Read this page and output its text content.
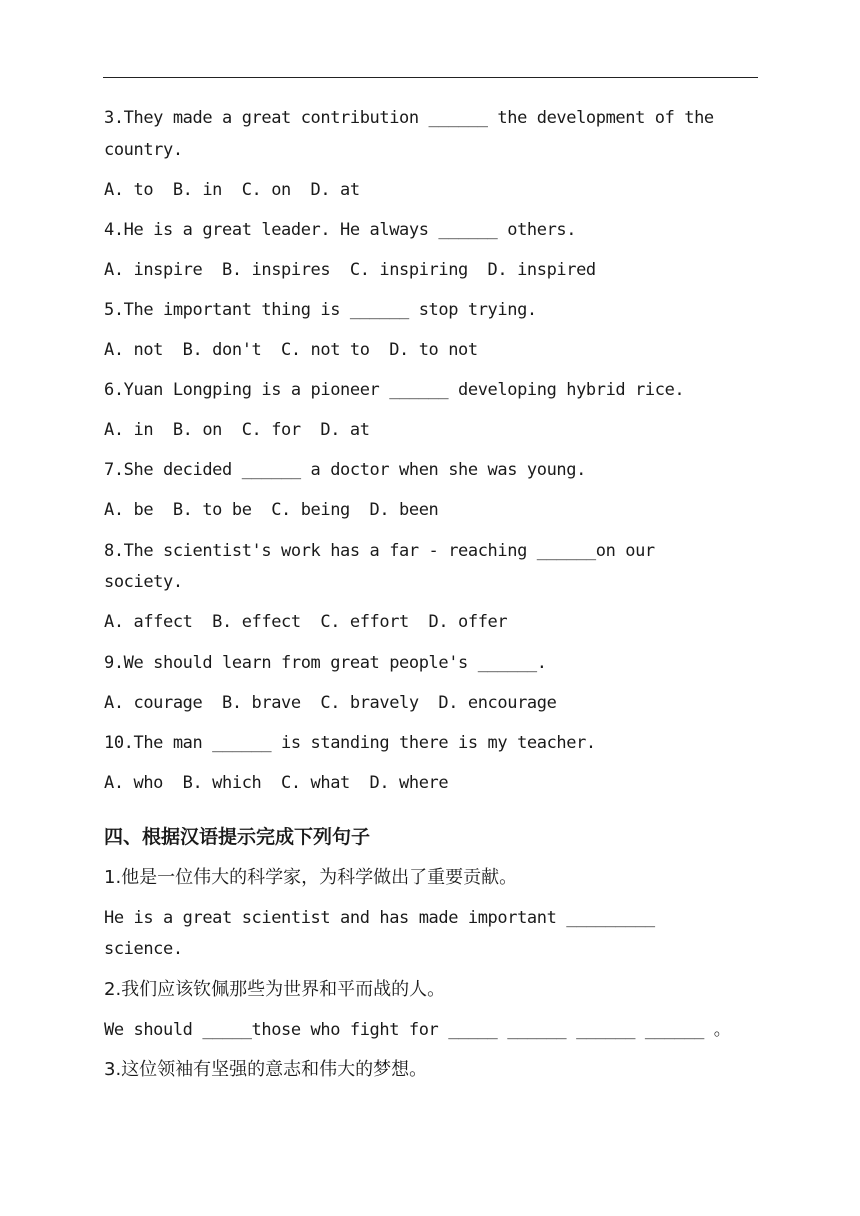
3.They made a great contribution ______ the development of the
country.
A. to  B. in  C. on  D. at
4.He is a great leader. He always ______ others.
A. inspire  B. inspires  C. inspiring  D. inspired
5.The important thing is ______ stop trying.
A. not  B. don't  C. not to  D. to not
6.Yuan Longping is a pioneer ______ developing hybrid rice.
A. in  B. on  C. for  D. at
7.She decided ______ a doctor when she was young.
A. be  B. to be  C. being  D. been
8.The scientist's work has a far - reaching ______on our
society.
A. affect  B. effect  C. effort  D. offer
9.We should learn from great people's ______.
A. courage  B. brave  C. bravely  D. encourage
10.The man ______ is standing there is my teacher.
A. who  B. which  C. what  D. where
四、根据汉语提示完成下列句子
1.他是一位伟大的科学家，为科学做出了重要贡献。
He is a great scientist and has made important _________
science.
2.我们应该钦佩那些为世界和平而战的人。
We should _____those who fight for _____ ______ ______ ______ 。
3.这位领袖有坚强的意志和伟大的梦想。
